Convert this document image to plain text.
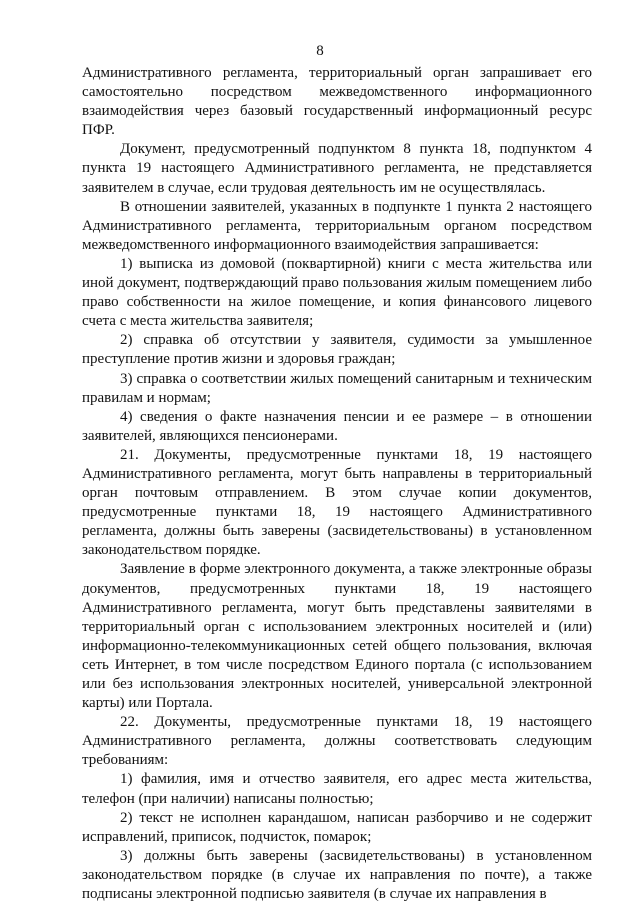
8

Административного регламента, территориальный орган запрашивает его самостоятельно посредством межведомственного информационного взаимодействия через базовый государственный информационный ресурс ПФР.

Документ, предусмотренный подпунктом 8 пункта 18, подпунктом 4 пункта 19 настоящего Административного регламента, не представляется заявителем в случае, если трудовая деятельность им не осуществлялась.

В отношении заявителей, указанных в подпункте 1 пункта 2 настоящего Административного регламента, территориальным органом посредством межведомственного информационного взаимодействия запрашивается:

1) выписка из домовой (поквартирной) книги с места жительства или иной документ, подтверждающий право пользования жилым помещением либо право собственности на жилое помещение, и копия финансового лицевого счета с места жительства заявителя;

2) справка об отсутствии у заявителя, судимости за умышленное преступление против жизни и здоровья граждан;

3) справка о соответствии жилых помещений санитарным и техническим правилам и нормам;

4) сведения о факте назначения пенсии и ее размере – в отношении заявителей, являющихся пенсионерами.

21. Документы, предусмотренные пунктами 18, 19 настоящего Административного регламента, могут быть направлены в территориальный орган почтовым отправлением. В этом случае копии документов, предусмотренные пунктами 18, 19 настоящего Административного регламента, должны быть заверены (засвидетельствованы) в установленном законодательством порядке.

Заявление в форме электронного документа, а также электронные образы документов, предусмотренных пунктами 18, 19 настоящего Административного регламента, могут быть представлены заявителями в территориальный орган с использованием электронных носителей и (или) информационно-телекоммуникационных сетей общего пользования, включая сеть Интернет, в том числе посредством Единого портала (с использованием или без использования электронных носителей, универсальной электронной карты) или Портала.

22. Документы, предусмотренные пунктами 18, 19 настоящего Административного регламента, должны соответствовать следующим требованиям:

1) фамилия, имя и отчество заявителя, его адрес места жительства, телефон (при наличии) написаны полностью;

2) текст не исполнен карандашом, написан разборчиво и не содержит исправлений, приписок, подчисток, помарок;

3) должны быть заверены (засвидетельствованы) в установленном законодательством порядке (в случае их направления по почте), а также подписаны электронной подписью заявителя (в случае их направления в
